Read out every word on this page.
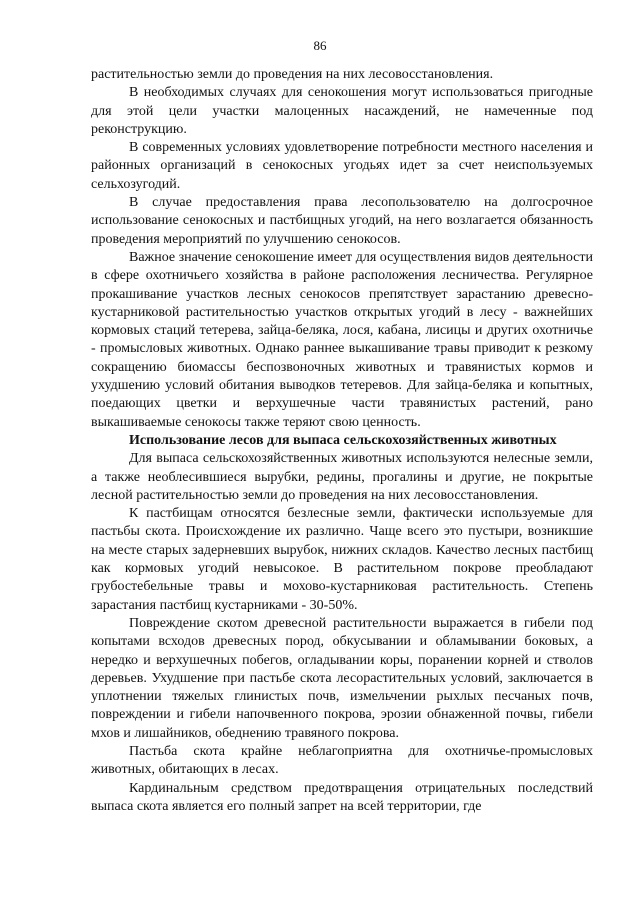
86

растительностью земли до проведения на них лесовосстановления.

В необходимых случаях для сенокошения могут использоваться пригодные для этой цели участки малоценных насаждений, не намеченные под реконструкцию.

В современных условиях удовлетворение потребности местного населения и районных организаций в сенокосных угодьях идет за счет неиспользуемых сельхозугодий.

В случае предоставления права лесопользователю на долгосрочное использование сенокосных и пастбищных угодий, на него возлагается обязанность проведения мероприятий по улучшению сенокосов.

Важное значение сенокошение имеет для осуществления видов деятельности в сфере охотничьего хозяйства в районе расположения лесничества. Регулярное прокашивание участков лесных сенокосов препятствует зарастанию древесно-кустарниковой растительностью участков открытых угодий в лесу - важнейших кормовых стаций тетерева, зайца-беляка, лося, кабана, лисицы и других охотничье - промысловых животных. Однако раннее выкашивание травы приводит к резкому сокращению биомассы беспозвоночных животных и травянистых кормов и ухудшению условий обитания выводков тетеревов. Для зайца-беляка и копытных, поедающих цветки и верхушечные части травянистых растений, рано выкашиваемые сенокосы также теряют свою ценность.

Использование лесов для выпаса сельскохозяйственных животных

Для выпаса сельскохозяйственных животных используются нелесные земли, а также необлесившиеся вырубки, редины, прогалины и другие, не покрытые лесной растительностью земли до проведения на них лесовосстановления.

К пастбищам относятся безлесные земли, фактически используемые для пастьбы скота. Происхождение их различно. Чаще всего это пустыри, возникшие на месте старых задерневших вырубок, нижних складов. Качество лесных пастбищ как кормовых угодий невысокое. В растительном покрове преобладают грубостебельные травы и мохово-кустарниковая растительность. Степень зарастания пастбищ кустарниками - 30-50%.

Повреждение скотом древесной растительности выражается в гибели под копытами всходов древесных пород, обкусывании и обламывании боковых, а нередко и верхушечных побегов, огладывании коры, поранении корней и стволов деревьев. Ухудшение при пастьбе скота лесорастительных условий, заключается в уплотнении тяжелых глинистых почв, измельчении рыхлых песчаных почв, повреждении и гибели напочвенного покрова, эрозии обнаженной почвы, гибели мхов и лишайников, обеднению травяного покрова.

Пастьба скота крайне неблагоприятна для охотничье-промысловых животных, обитающих в лесах.

Кардинальным средством предотвращения отрицательных последствий выпаса скота является его полный запрет на всей территории, где
